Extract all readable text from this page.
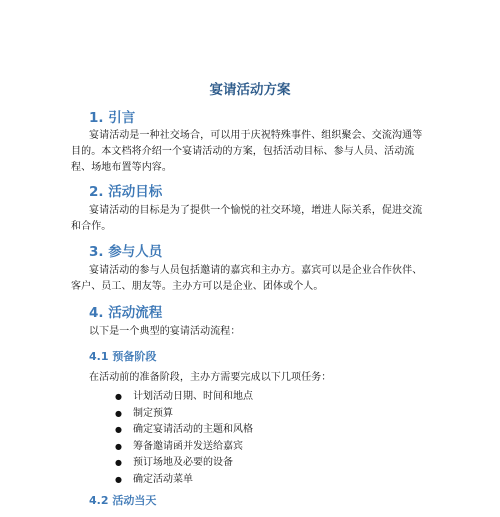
宴请活动方案
1. 引言

宴请活动是一种社交场合，可以用于庆祝特殊事件、组织聚会、交流沟通等目的。本文档将介绍一个宴请活动的方案，包括活动目标、参与人员、活动流程、场地布置等内容。

2. 活动目标

宴请活动的目标是为了提供一个愉悦的社交环境，增进人际关系，促进交流和合作。

3. 参与人员

宴请活动的参与人员包括邀请的嘉宾和主办方。嘉宾可以是企业合作伙伴、客户、员工、朋友等。主办方可以是企业、团体或个人。

4. 活动流程

以下是一个典型的宴请活动流程：

4.1 预备阶段

在活动前的准备阶段，主办方需要完成以下几项任务：

● 计划活动日期、时间和地点
● 制定预算
● 确定宴请活动的主题和风格
● 筹备邀请函并发送给嘉宾
● 预订场地及必要的设备
● 确定活动菜单
4.2 活动当天
